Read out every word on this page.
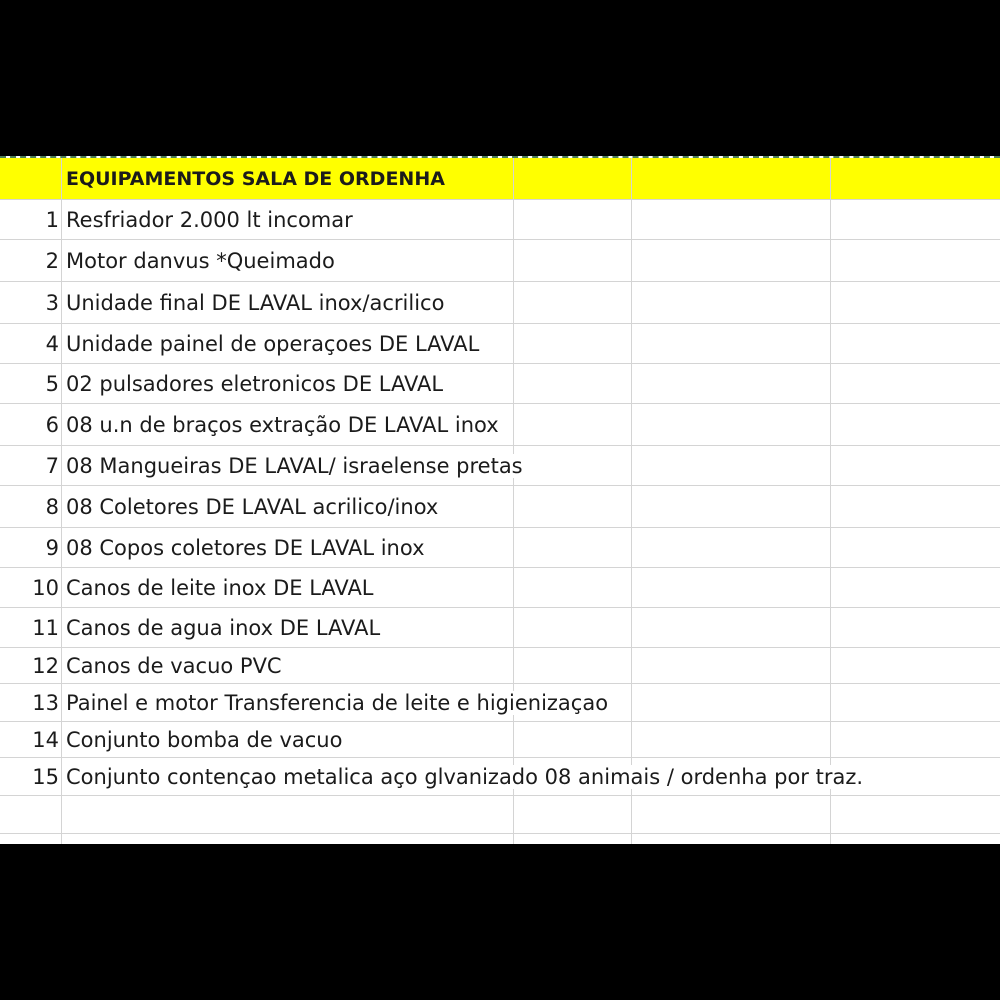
EQUIPAMENTOS SALA DE ORDENHA
1 Resfriador 2.000 lt incomar
2 Motor danvus *Queimado
3 Unidade final DE LAVAL inox/acrilico
4 Unidade painel de operaçoes DE LAVAL
5 02 pulsadores eletronicos DE LAVAL
6 08 u.n de braços extração DE LAVAL inox
7 08 Mangueiras DE LAVAL/ israelense pretas
8 08 Coletores DE LAVAL acrilico/inox
9 08 Copos coletores DE LAVAL inox
10 Canos de leite inox DE LAVAL
11 Canos de agua inox DE LAVAL
12 Canos de vacuo PVC
13 Painel e motor Transferencia de leite e higienizaçao
14 Conjunto bomba de vacuo
15 Conjunto contençao metalica aço glvanizado 08 animais / ordenha por traz.
